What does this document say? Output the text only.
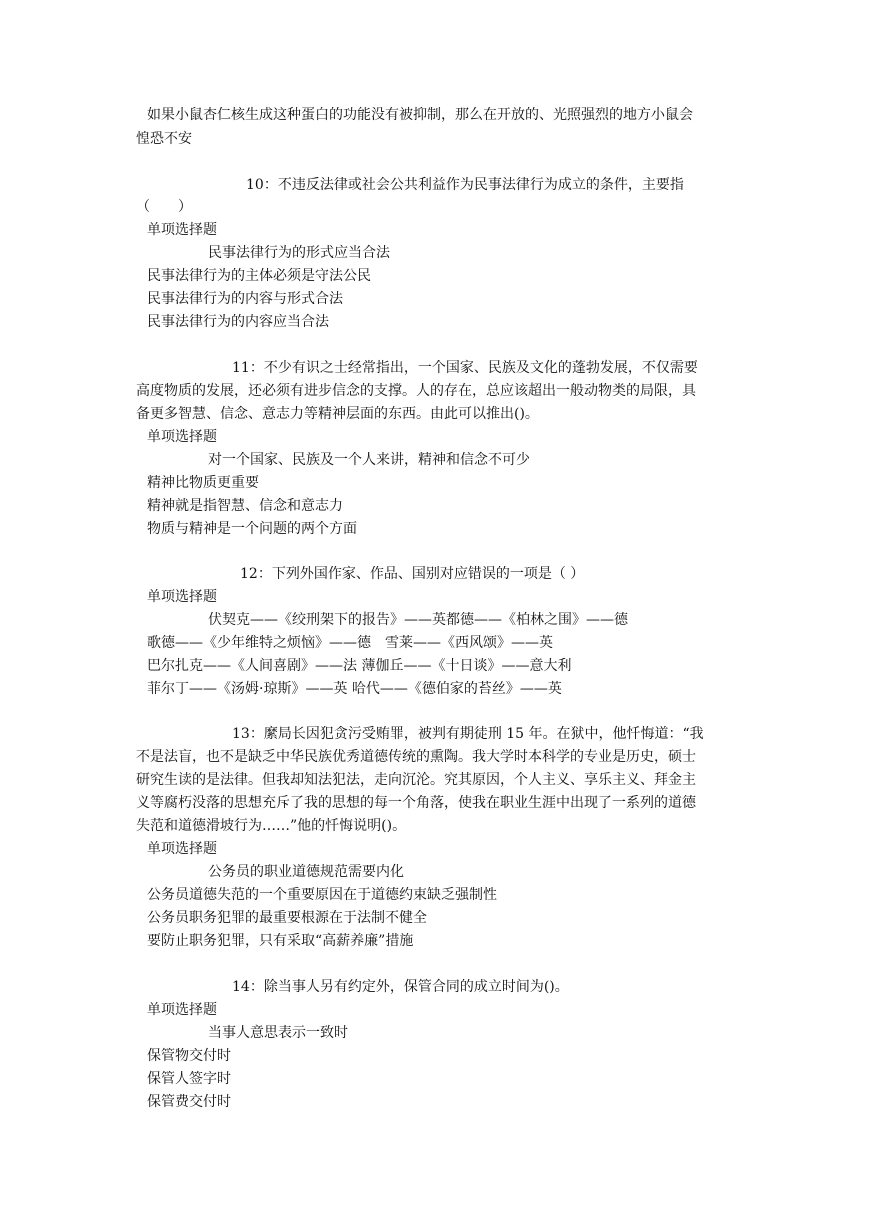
如果小鼠杏仁核生成这种蛋白的功能没有被抑制，那么在开放的、光照强烈的地方小鼠会
惶恐不安
10：不违反法律或社会公共利益作为民事法律行为成立的条件，主要指
（　　）
单项选择题
民事法律行为的形式应当合法
民事法律行为的主体必须是守法公民
民事法律行为的内容与形式合法
民事法律行为的内容应当合法
11：不少有识之士经常指出，一个国家、民族及文化的蓬勃发展，不仅需要
高度物质的发展，还必须有进步信念的支撑。人的存在，总应该超出一般动物类的局限，具
备更多智慧、信念、意志力等精神层面的东西。由此可以推出()。
单项选择题
对一个国家、民族及一个人来讲，精神和信念不可少
精神比物质更重要
精神就是指智慧、信念和意志力
物质与精神是一个问题的两个方面
12：下列外国作家、作品、国别对应错误的一项是（ ）
单项选择题
伏契克——《绞刑架下的报告》——英都德——《柏林之围》——德
歌德——《少年维特之烦恼》——德　雪莱——《西风颂》——英
巴尔扎克——《人间喜剧》——法 薄伽丘——《十日谈》——意大利
菲尔丁——《汤姆·琼斯》——英 哈代——《德伯家的苔丝》——英
13：縻局长因犯贪污受贿罪，被判有期徒刑 15 年。在狱中，他忏悔道：“我
不是法盲，也不是缺乏中华民族优秀道德传统的熏陶。我大学时本科学的专业是历史，硕士
研究生读的是法律。但我却知法犯法，走向沉沦。究其原因，个人主义、享乐主义、拜金主
义等腐朽没落的思想充斥了我的思想的每一个角落，使我在职业生涯中出现了一系列的道德
失范和道德滑坡行为……”他的忏悔说明()。
单项选择题
公务员的职业道德规范需要内化
公务员道德失范的一个重要原因在于道德约束缺乏强制性
公务员职务犯罪的最重要根源在于法制不健全
要防止职务犯罪，只有采取“高薪养廉”措施
14：除当事人另有约定外，保管合同的成立时间为()。
单项选择题
当事人意思表示一致时
保管物交付时
保管人签字时
保管费交付时
